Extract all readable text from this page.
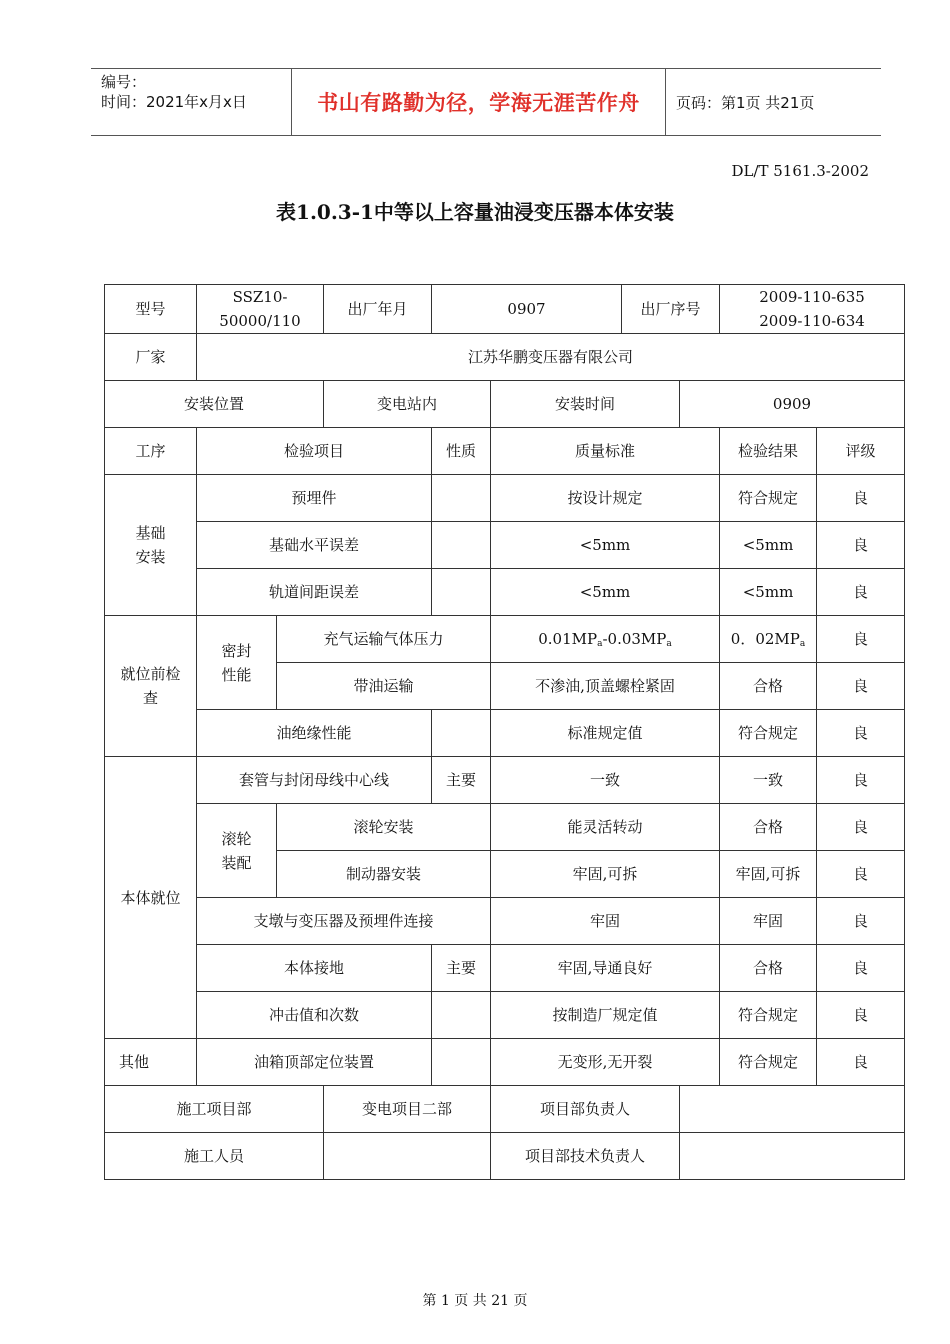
编号：
时间：2021年x月x日	书山有路勤为径，学海无涯苦作舟 页码：第1页 共21页
DL/T 5161.3-2002
表1.0.3-1中等以上容量油浸变压器本体安装
型号	SSZ10-50000/110		出厂年月	0907		出厂序号		2009-110-635
2009-110-634	

厂家	江苏华鹏变压器有限公司								
安装位置			变电站内		安装时间		0909		
工序	检验项目			性质	质量标准			检验结果	评级

基础安装	预埋件				按设计规定			符合规定	良
	基础水平误差				<5mm			<5mm	良
	轨道间距误差				<5mm			<5mm	良

就位前检查	密封性能	充气运输气体压力			$0.01MP_a-0.03MP_a$			0．$02MP_a$	良
		带油运输			不渗油,顶盖螺栓紧固			合格	良
	油绝缘性能				标准规定值			符合规定	良
本体就位	套管与封闭母线中心线			主要	一致			一致	良

	滚轮装配	滚轮安装			能灵活转动			合格	良
		制动器安装			牢固,可拆			牢固,可拆	良
	支墩与变压器及预埋件连接				牢固			牢固	良
	本体接地			主要	牢固,导通良好			合格	良
	冲击值和次数				按制造厂规定值			符合规定	良
其他	油箱顶部定位装置				无变形,无开裂			符合规定	良
施工项目部			变电项目二部		项目部负责人				
施工人员					项目部技术负责人				
第 1 页 共 21 页
